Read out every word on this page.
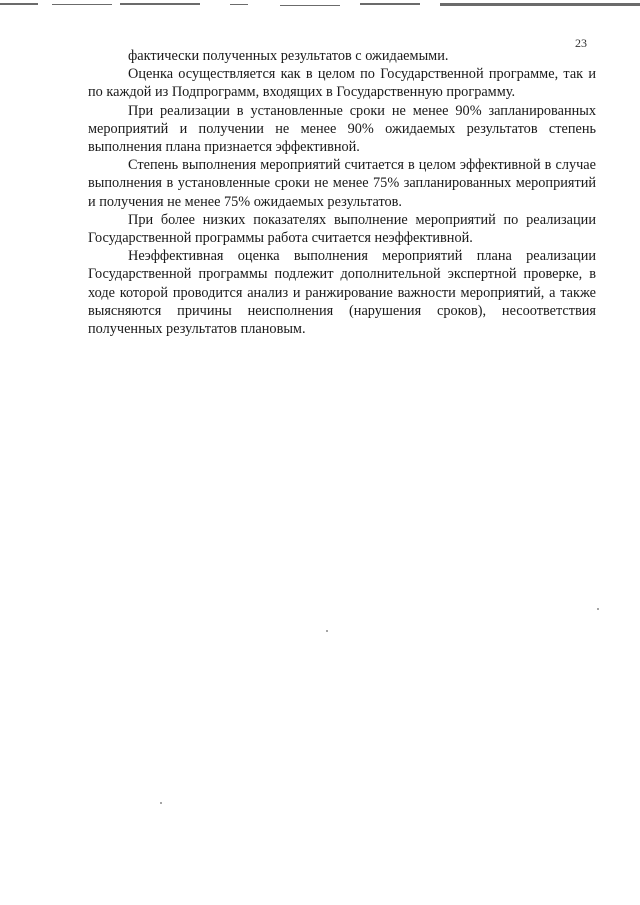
23

фактически полученных результатов с ожидаемыми.

Оценка осуществляется как в целом по Государственной программе, так и по каждой из Подпрограмм, входящих в Государственную программу.

При реализации в установленные сроки не менее 90% запланированных мероприятий и получении не менее 90% ожидаемых результатов степень выполнения плана признается эффективной.

Степень выполнения мероприятий считается в целом эффективной в случае выполнения в установленные сроки не менее 75% запланированных мероприятий и получения не менее 75% ожидаемых результатов.

При более низких показателях выполнение мероприятий по реализации Государственной программы работа считается неэффективной.

Неэффективная оценка выполнения мероприятий плана реализации Государственной программы подлежит дополнительной экспертной проверке, в ходе которой проводится анализ и ранжирование важности мероприятий, а также выясняются причины неисполнения (нарушения сроков), несоответствия полученных результатов плановым.
